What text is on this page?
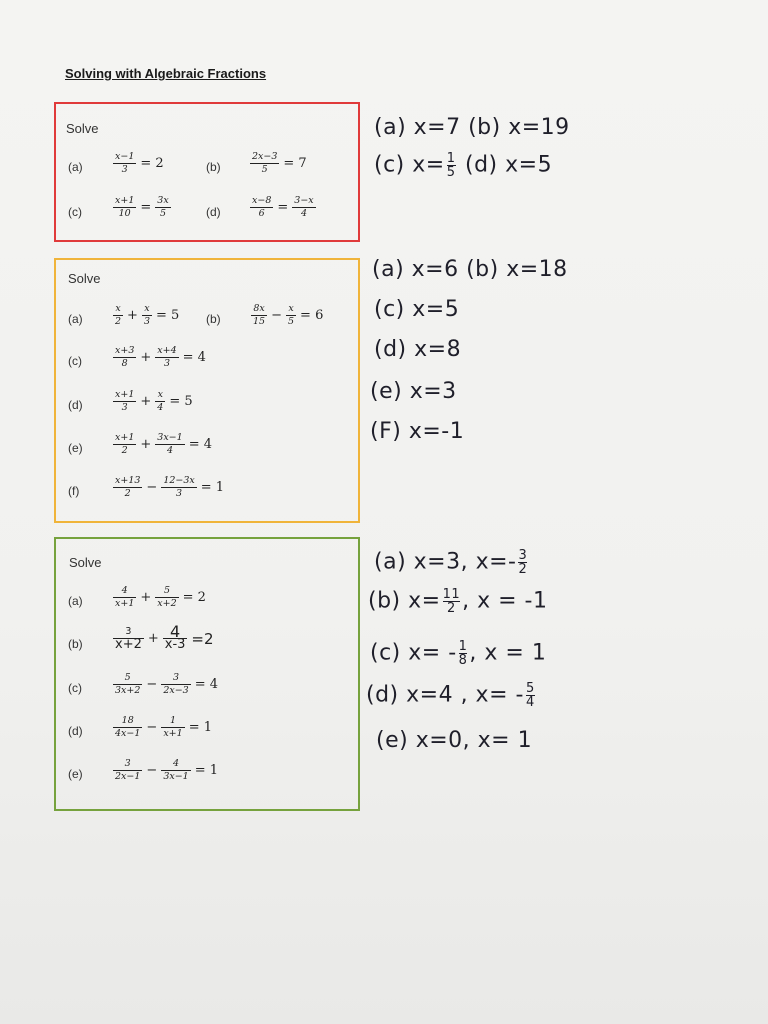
Solving with Algebraic Fractions
Solve
(a)	$\frac{x-1}{3} = 2$	(b)	$\frac{2x-3}{5} = 7$
(c)	$\frac{x+1}{10} = \frac{3x}{5}$	(d)	$\frac{x-8}{6} = \frac{3-x}{4}$
(a) x=7 (b) x=19
(c) $x= \frac{1}{5} (d)$ x=5
Solve
(a)	$\frac{x}{2} + \frac{x}{3} = 5$ (b)	$\frac{8x}{15} - \frac{x}{5} = 6$
(c)	$\frac{x+3}{8} + \frac{x+4}{3} = 4$
(d)	$\frac{x+1}{3} + \frac{x}{4} = 5$
(e)	$\frac{x+1}{2} + \frac{3x-1}{4} = 4$
(f)	$\frac{x+13}{2} - \frac{12-3x}{3} = 1$
(a) x=6 (b) x=18
(c) x=5
(d) x=8
(e) x=3
(F) x=-1
Solve
(a)	$\frac{4}{x+1} + \frac{5}{x+2} = 2$
(b)	$\frac{3}{x+2} + \frac{4}{x-3} =2$
(c)	$\frac{5}{3x+2} - \frac{3}{2x-3} = 4$
(d)	$\frac{18}{4x-1} - \frac{1}{x+1} = 1$
(e)	$\frac{3}{2x-1} - \frac{4}{3x-1} = 1$
(a) x=3, $x=- \frac{3}{2}$
(b) $x= \frac{11}{2}$ , x = -1
(c) $x= - \frac{1}{8}$ , x = 1
(d) x=4 , $x= - \frac{5}{4}$
(e) x=0, x= 1
